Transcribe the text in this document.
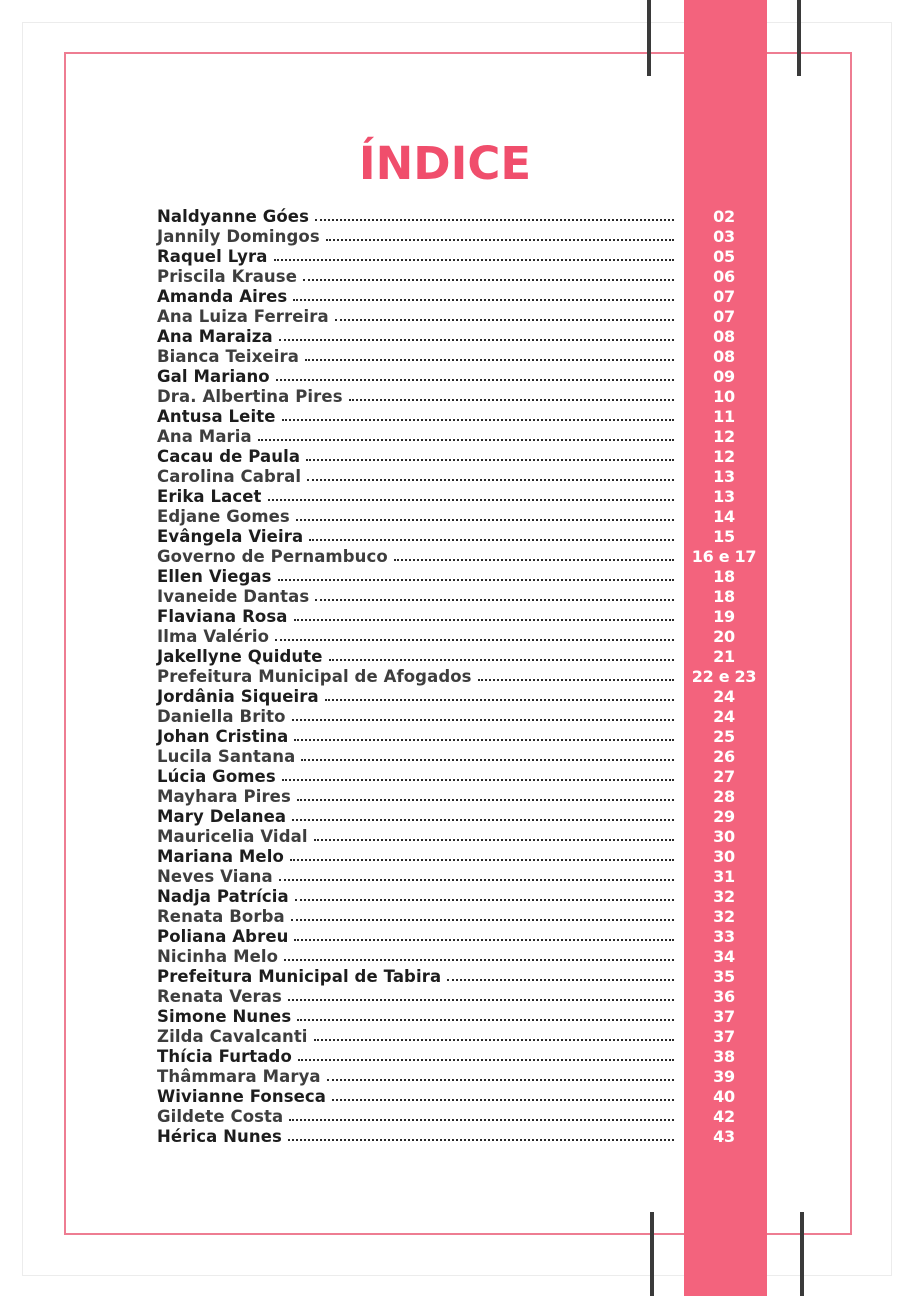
ÍNDICE
Naldyanne Góes	02
Jannily Domingos	03
Raquel Lyra	05
Priscila Krause	06
Amanda Aires	07
Ana Luiza Ferreira	07
Ana Maraiza	08
Bianca Teixeira	08
Gal Mariano	09
Dra. Albertina Pires	10
Antusa Leite	11
Ana Maria	12
Cacau de Paula	12
Carolina Cabral	13
Erika Lacet	13
Edjane Gomes	14
Evângela Vieira	15
Governo de Pernambuco	16 e 17
Ellen Viegas	18
Ivaneide Dantas	18
Flaviana Rosa	19
Ilma Valério	20
Jakellyne Quidute	21
Prefeitura Municipal de Afogados	22 e 23
Jordânia Siqueira	24
Daniella Brito	24
Johan Cristina	25
Lucila Santana	26
Lúcia Gomes	27
Mayhara Pires	28
Mary Delanea	29
Mauricelia Vidal	30
Mariana Melo	30
Neves Viana	31
Nadja Patrícia	32
Renata Borba	32
Poliana Abreu	33
Nicinha Melo	34
Prefeitura Municipal de Tabira	35
Renata Veras	36
Simone Nunes	37
Zilda Cavalcanti	37
Thícia Furtado	38
Thâmmara Marya	39
Wivianne Fonseca	40
Gildete Costa	42
Hérica Nunes	43
